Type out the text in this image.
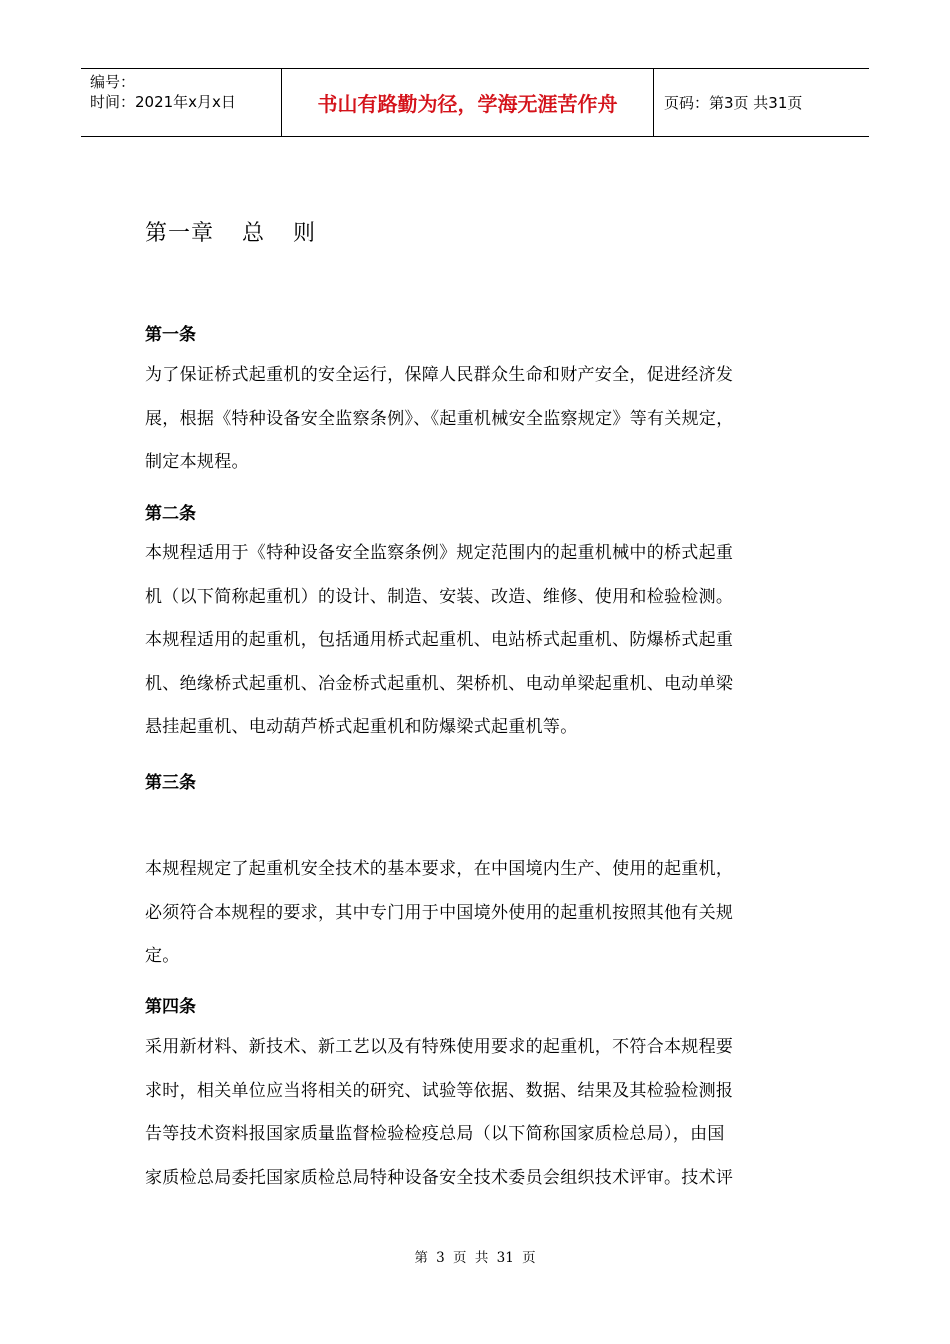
编号：
时间：2021年x月x日	书山有路勤为径，学海无涯苦作舟	页码：第3页 共31页
第一章 总 则
第一条

为了保证桥式起重机的安全运行，保障人民群众生命和财产安全，促进经济发

展，根据《特种设备安全监察条例》、《起重机械安全监察规定》等有关规定，

制定本规程。

第二条

本规程适用于《特种设备安全监察条例》规定范围内的起重机械中的桥式起重

机（以下简称起重机）的设计、制造、安装、改造、维修、使用和检验检测。

本规程适用的起重机，包括通用桥式起重机、电站桥式起重机、防爆桥式起重

机、绝缘桥式起重机、冶金桥式起重机、架桥机、电动单梁起重机、电动单梁

悬挂起重机、电动葫芦桥式起重机和防爆梁式起重机等。

第三条

本规程规定了起重机安全技术的基本要求，在中国境内生产、使用的起重机，

必须符合本规程的要求，其中专门用于中国境外使用的起重机按照其他有关规

定。

第四条

采用新材料、新技术、新工艺以及有特殊使用要求的起重机，不符合本规程要

求时，相关单位应当将相关的研究、试验等依据、数据、结果及其检验检测报

告等技术资料报国家质量监督检验检疫总局（以下简称国家质检总局），由国

家质检总局委托国家质检总局特种设备安全技术委员会组织技术评审。技术评

第 3 页 共 31 页
